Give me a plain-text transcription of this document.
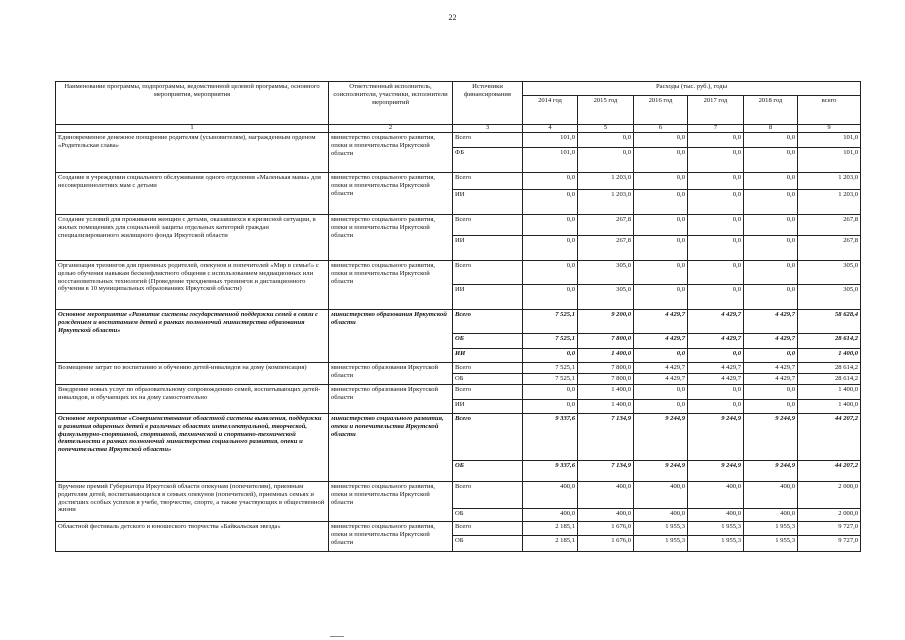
22
Наименование программы, подпрограммы, ведомственной целевой программы, основного мероприятия, мероприятия	Ответственный исполнитель, соисполнители, участники, исполнители мероприятий	Источники финансирования	Расходы (тыс. руб.), годы					
			2014 год	2015 год	2016 год	2017 год	2018 год	всего
1	2	3	4	5	6	7	8	9
Единовременное денежное поощрение родителям (усыновителям), награжденным орденом «Родительская слава»	министерство социального развития, опеки и попечительства Иркутской области	Всего	101,0	0,0	0,0	0,0	0,0	101,0
		ФБ	101,0	0,0	0,0	0,0	0,0	101,0
Создание в учреждении социального обслуживания одного отделения «Маленькая мама» для несовершеннолетних мам с детьми	министерство социального развития, опеки и попечительства Иркутской области	Всего	0,0	1 203,0	0,0	0,0	0,0	1 203,0
		ИИ	0,0	1 203,0	0,0	0,0	0,0	1 203,0
Создание условий для проживания женщин с детьми, оказавшихся в кризисной ситуации, в жилых помещениях для социальной защиты отдельных категорий граждан специализированного жилищного фонда Иркутской области	министерство социального развития, опеки и попечительства Иркутской области	Всего	0,0	267,8	0,0	0,0	0,0	267,8
		ИИ	0,0	267,8	0,0	0,0	0,0	267,8
Организация тренингов для приемных родителей, опекунов и попечителей «Мир в семье!» с целью обучения навыкам бесконфликтного общения с использованием медиационных или восстановительных технологий (Проведение трехдневных тренингов и дистанционного обучения в 10 муниципальных образованиях Иркутской области)	министерство социального развития, опеки и попечительства Иркутской области	Всего	0,0	305,0	0,0	0,0	0,0	305,0
		ИИ	0,0	305,0	0,0	0,0	0,0	305,0
Основное мероприятие «Развитие системы государственной поддержки семей в связи с рождением и воспитанием детей в рамках полномочий министерства образования Иркутской области»	министерство образования Иркутской области	Всего	7 525,1	9 200,0	4 429,7	4 429,7	4 429,7	58 628,4
		ОБ	7 525,1	7 800,0	4 429,7	4 429,7	4 429,7	28 614,2
		ИИ	0,0	1 400,0	0,0	0,0	0,0	1 400,0
Возмещение затрат по воспитанию и обучению детей-инвалидов на дому (компенсация)	министерство образования Иркутской области	Всего	7 525,1	7 800,0	4 429,7	4 429,7	4 429,7	28 614,2
		ОБ	7 525,1	7 800,0	4 429,7	4 429,7	4 429,7	28 614,2
Внедрение новых услуг по образовательному сопровождению семей, воспитывающих детей-инвалидов, и обучающих их на дому самостоятельно	министерство образования Иркутской области	Всего	0,0	1 400,0	0,0	0,0	0,0	1 400,0
		ИИ	0,0	1 400,0	0,0	0,0	0,0	1 400,0
Основное мероприятие «Совершенствование областной системы выявления, поддержки и развития одаренных детей в различных областях интеллектуальной, творческой, физкультурно-спортивной, спортивной, технической и спортивно-технической деятельности в рамках полномочий министерства социального развития, опеки и попечительства Иркутской области»	министерство социального развития, опеки и попечительства Иркутской области	Всего	9 337,6	7 134,9	9 244,9	9 244,9	9 244,9	44 207,2
		ОБ	9 337,6	7 134,9	9 244,9	9 244,9	9 244,9	44 207,2
Вручение премий Губернатора Иркутской области опекунам (попечителям), приемным родителям детей, воспитывающихся в семьях опекунов (попечителей), приемных семьях и достигших особых успехов в учебе, творчестве, спорте, а также участвующих в общественной жизни	министерство социального развития, опеки и попечительства Иркутской области	Всего	400,0	400,0	400,0	400,0	400,0	2 000,0
		ОБ	400,0	400,0	400,0	400,0	400,0	2 000,0
Областной фестиваль детского и юношеского творчества «Байкальская звезда»	министерство социального развития, опеки и попечительства Иркутской области	Всего	2 185,1	1 676,0	1 955,3	1 955,3	1 955,3	9 727,0
		ОБ	2 185,1	1 676,0	1 955,3	1 955,3	1 955,3	9 727,0
